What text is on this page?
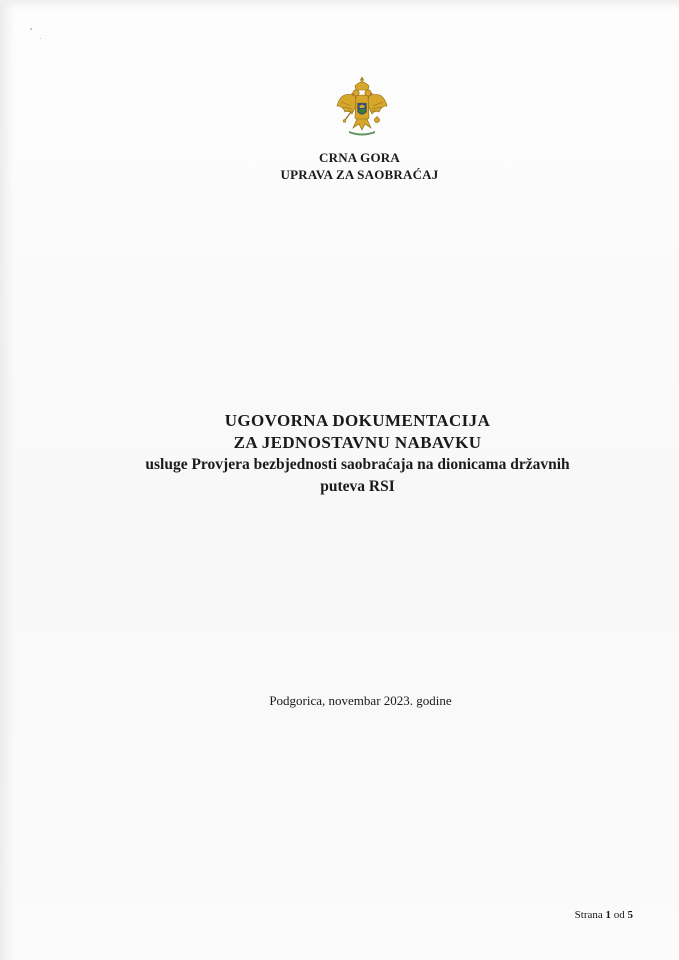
CRNA GORA
UPRAVA ZA SAOBRAĆAJ
UGOVORNA DOKUMENTACIJA
ZA JEDNOSTAVNU NABAVKU
usluge Provjera bezbjednosti saobraćaja na dionicama državnih
puteva RSI
Podgorica, novembar 2023. godine
Strana 1 od 5
